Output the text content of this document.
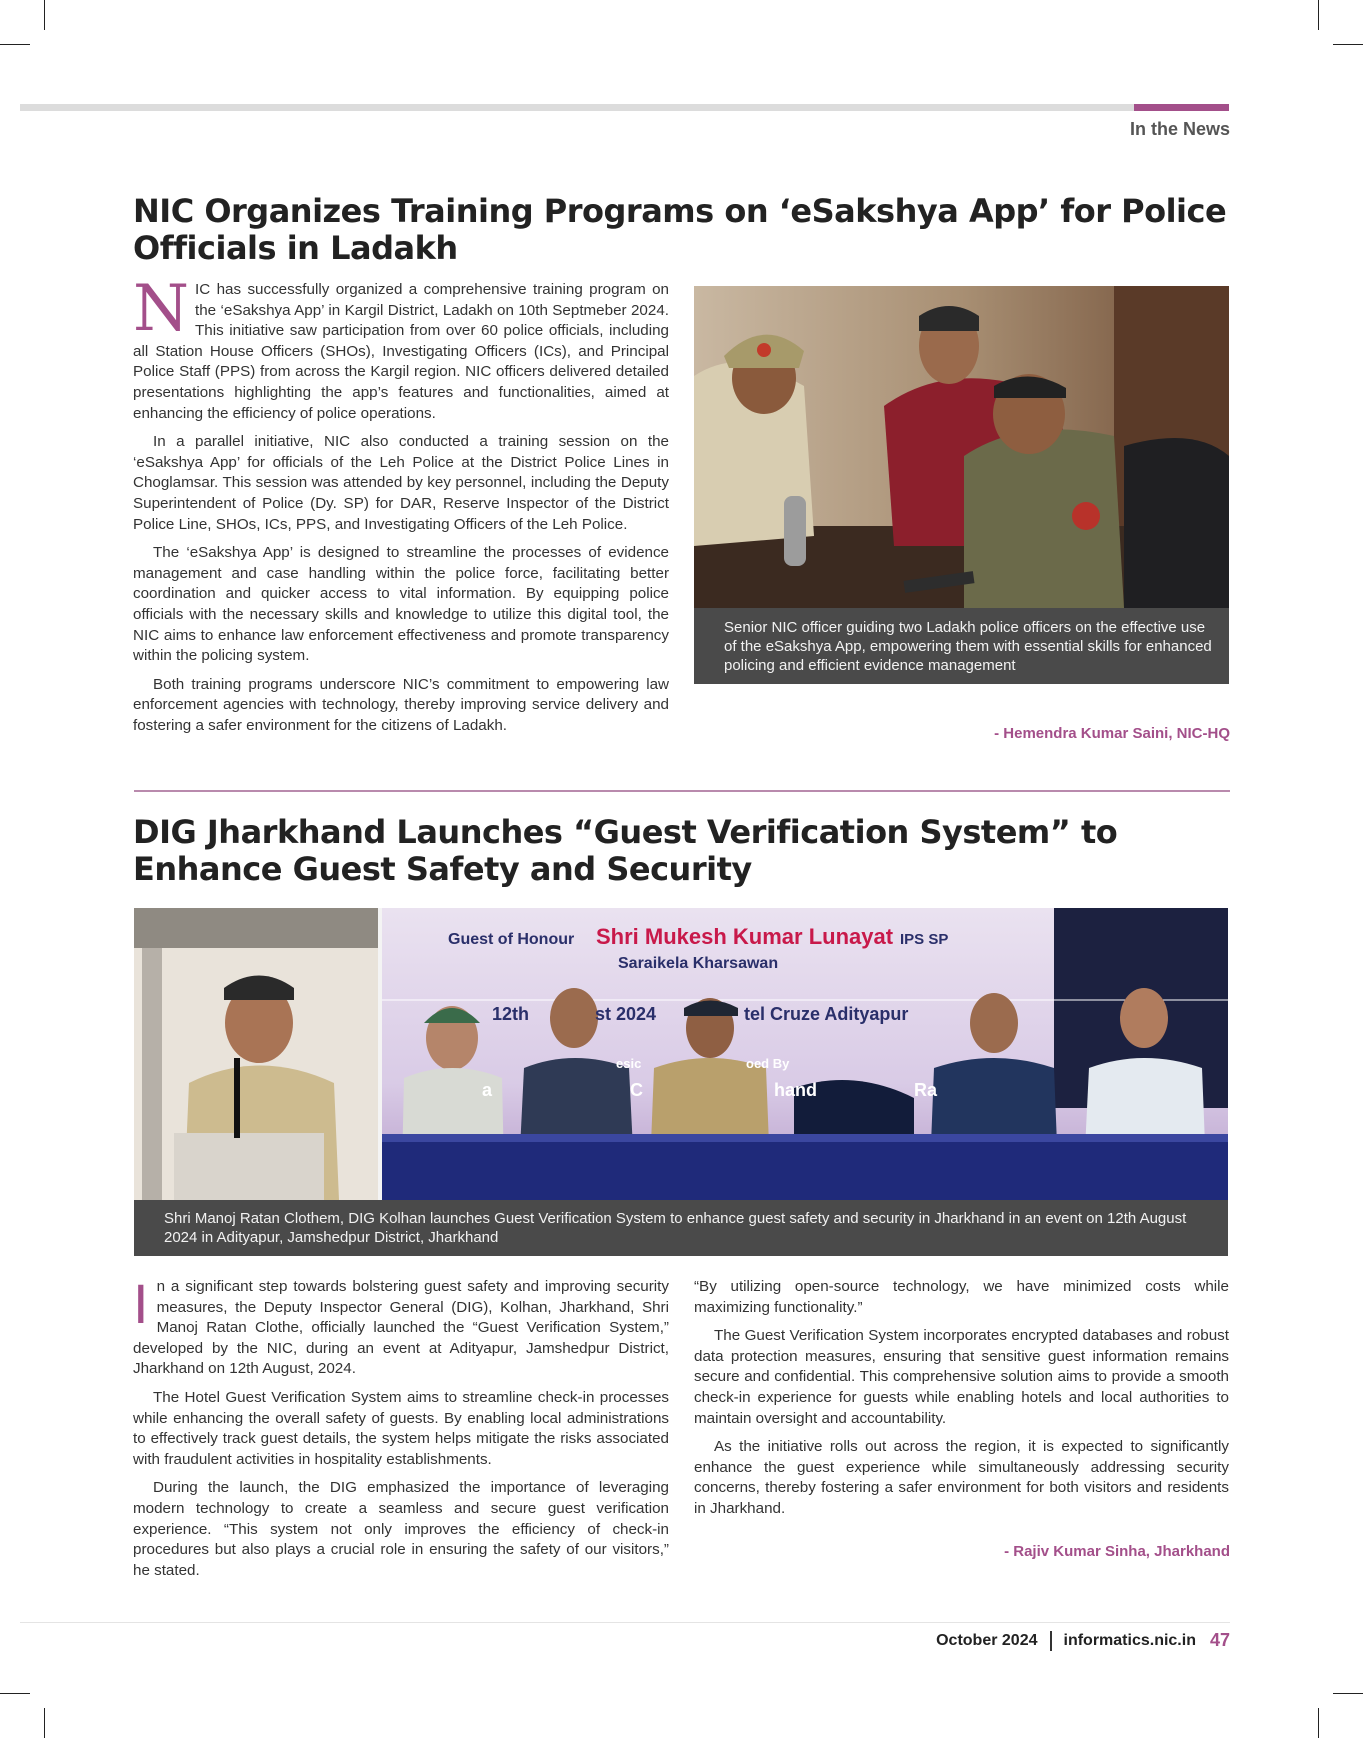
In the News
NIC Organizes Training Programs on ‘eSakshya App’ for Police Officials in Ladakh

NIC has successfully organized a comprehensive training program on the ‘eSakshya App’ in Kargil District, Ladakh on 10th Septmeber 2024. This initiative saw participation from over 60 police officials, including all Station House Officers (SHOs), Investigating Officers (ICs), and Principal Police Staff (PPS) from across the Kargil region. NIC officers delivered detailed presentations highlighting the app’s features and functionalities, aimed at enhancing the efficiency of police operations.

In a parallel initiative, NIC also conducted a training session on the ‘eSakshya App’ for officials of the Leh Police at the District Police Lines in Choglamsar. This session was attended by key personnel, including the Deputy Superintendent of Police (Dy. SP) for DAR, Reserve Inspector of the District Police Line, SHOs, ICs, PPS, and Investigating Officers of the Leh Police.

The ‘eSakshya App’ is designed to streamline the processes of evidence management and case handling within the police force, facilitating better coordination and quicker access to vital information. By equipping police officials with the necessary skills and knowledge to utilize this digital tool, the NIC aims to enhance law enforcement effectiveness and promote transparency within the policing system.

Both training programs underscore NIC’s commitment to empowering law enforcement agencies with technology, thereby improving service delivery and fostering a safer environment for the citizens of Ladakh.

Senior NIC officer guiding two Ladakh police officers on the effective use of the eSakshya App, empowering them with essential skills for enhanced policing and efficient evidence management
- Hemendra Kumar Saini, NIC-HQ
DIG Jharkhand Launches “Guest Verification System” to Enhance Guest Safety and Security
Guest of Honour Shri Mukesh Kumar Lunayat IPS SP
Saraikela Kharsawan
12th	st 2024	tel Cruze Adityapur
esic	oed By
a	C	hand	Ra
Shri Manoj Ratan Clothem, DIG Kolhan launches Guest Verification System to enhance guest safety and security in Jharkhand in an event on 12th August 2024 in Adityapur, Jamshedpur District, Jharkhand

In a significant step towards bolstering guest safety and improving security measures, the Deputy Inspector General (DIG), Kolhan, Jharkhand, Shri Manoj Ratan Clothe, officially launched the “Guest Verification System,” developed by the NIC, during an event at Adityapur, Jamshedpur District, Jharkhand on 12th August, 2024.

The Hotel Guest Verification System aims to streamline check-in processes while enhancing the overall safety of guests. By enabling local administrations to effectively track guest details, the system helps mitigate the risks associated with fraudulent activities in hospitality establishments.

During the launch, the DIG emphasized the importance of leveraging modern technology to create a seamless and secure guest verification experience. “This system not only improves the efficiency of check-in procedures but also plays a crucial role in ensuring the safety of our visitors,” he stated.

“By utilizing open-source technology, we have minimized costs while maximizing functionality.”

The Guest Verification System incorporates encrypted databases and robust data protection measures, ensuring that sensitive guest information remains secure and confidential. This comprehensive solution aims to provide a smooth check-in experience for guests while enabling hotels and local authorities to maintain oversight and accountability.

As the initiative rolls out across the region, it is expected to significantly enhance the guest experience while simultaneously addressing security concerns, thereby fostering a safer environment for both visitors and residents in Jharkhand.

- Rajiv Kumar Sinha, Jharkhand
October 2024 informatics.nic.in 47
